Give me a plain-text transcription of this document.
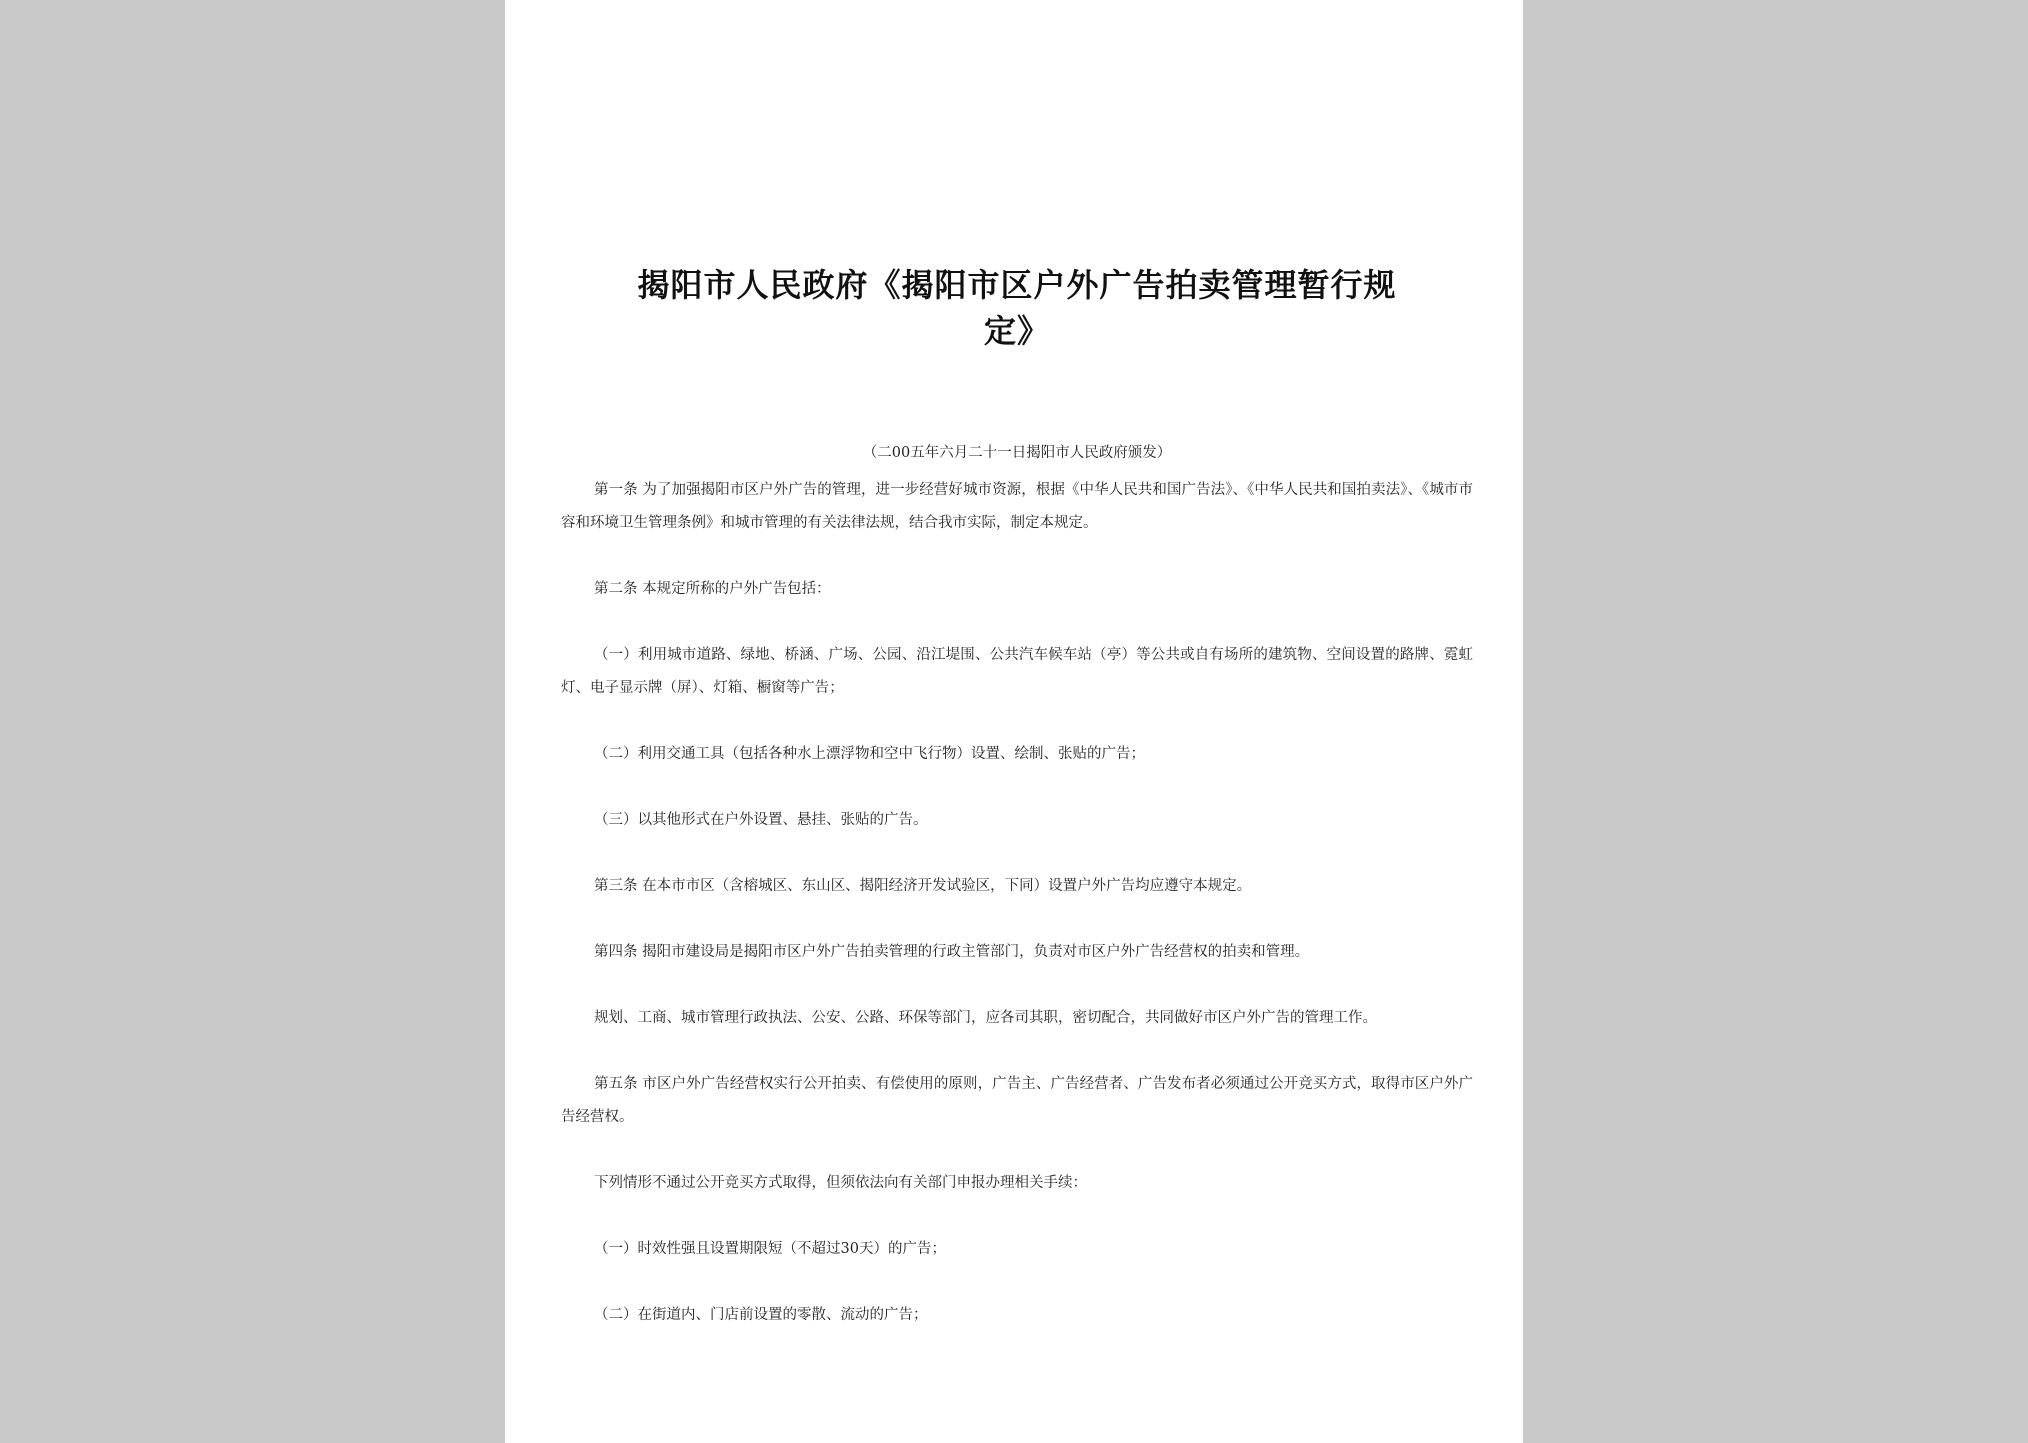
揭阳市人民政府《揭阳市区户外广告拍卖管理暂行规
定》
（二00五年六月二十一日揭阳市人民政府颁发）

第一条 为了加强揭阳市区户外广告的管理，进一步经营好城市资源，根据《中华人民共和国广告法》、《中华人民共和国拍卖法》、《城市市容和环境卫生管理条例》和城市管理的有关法律法规，结合我市实际，制定本规定。

第二条 本规定所称的户外广告包括：

（一）利用城市道路、绿地、桥涵、广场、公园、沿江堤围、公共汽车候车站（亭）等公共或自有场所的建筑物、空间设置的路牌、霓虹灯、电子显示牌（屏）、灯箱、橱窗等广告；

（二）利用交通工具（包括各种水上漂浮物和空中飞行物）设置、绘制、张贴的广告；

（三）以其他形式在户外设置、悬挂、张贴的广告。

第三条 在本市市区（含榕城区、东山区、揭阳经济开发试验区，下同）设置户外广告均应遵守本规定。

第四条 揭阳市建设局是揭阳市区户外广告拍卖管理的行政主管部门，负责对市区户外广告经营权的拍卖和管理。

规划、工商、城市管理行政执法、公安、公路、环保等部门，应各司其职，密切配合，共同做好市区户外广告的管理工作。

第五条 市区户外广告经营权实行公开拍卖、有偿使用的原则，广告主、广告经营者、广告发布者必须通过公开竞买方式，取得市区户外广告经营权。

下列情形不通过公开竞买方式取得，但须依法向有关部门申报办理相关手续：

（一）时效性强且设置期限短（不超过30天）的广告；

（二）在街道内、门店前设置的零散、流动的广告；
